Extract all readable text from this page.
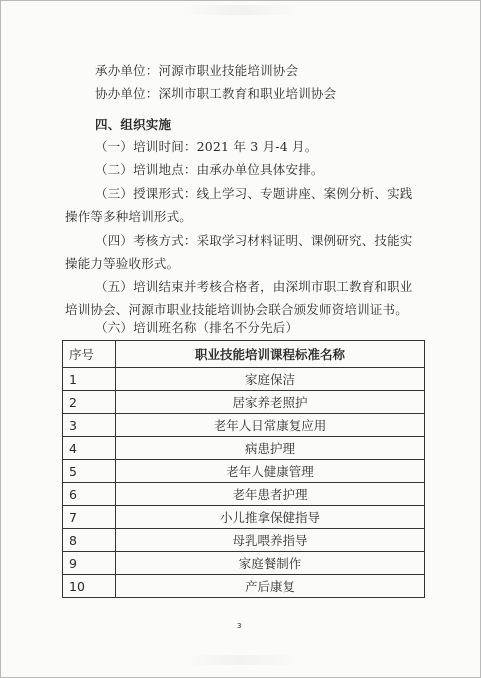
承办单位：河源市职业技能培训协会
协办单位：深圳市职工教育和职业培训协会
四、组织实施
（一）培训时间：2021 年 3 月-4 月。
（二）培训地点：由承办单位具体安排。
（三）授课形式：线上学习、专题讲座、案例分析、实践
操作等多种培训形式。
（四）考核方式：采取学习材料证明、课例研究、技能实
操能力等验收形式。
（五）培训结束并考核合格者，由深圳市职工教育和职业
培训协会、河源市职业技能培训协会联合颁发师资培训证书。
（六）培训班名称（排名不分先后）
序号	职业技能培训课程标准名称
1	家庭保洁
2	居家养老照护
3	老年人日常康复应用
4	病患护理
5	老年人健康管理
6	老年患者护理
7	小儿推拿保健指导
8	母乳喂养指导
9	家庭餐制作
10	产后康复
3
